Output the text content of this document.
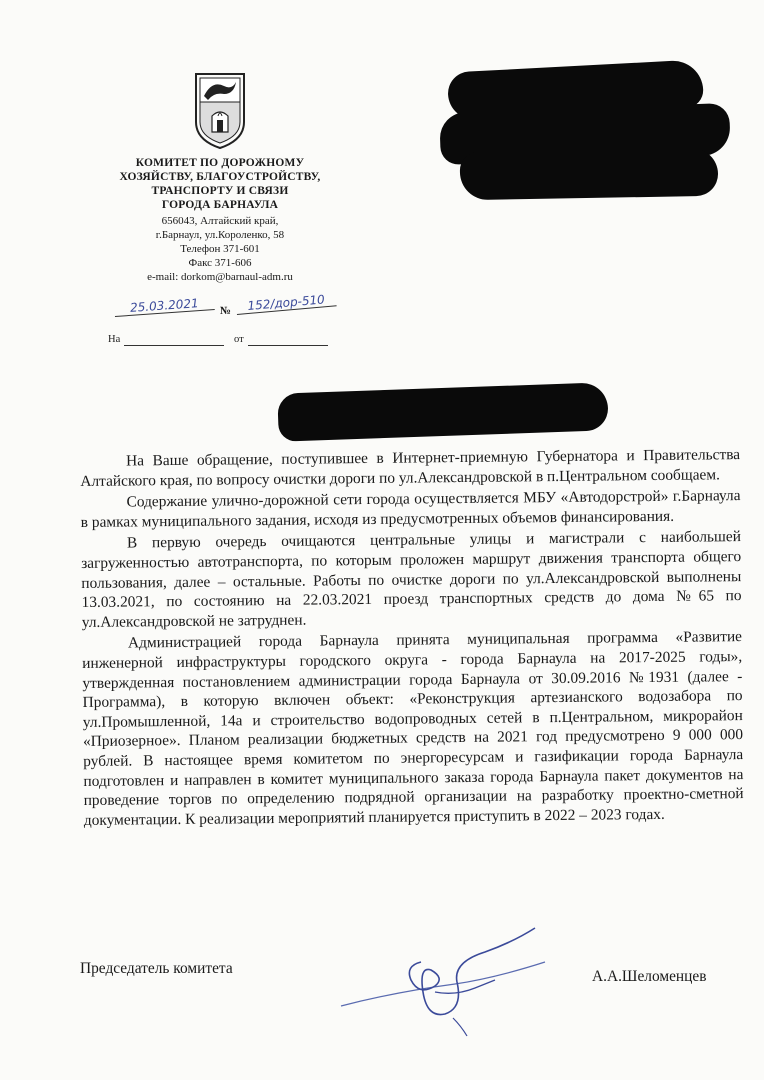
КОМИТЕТ ПО ДОРОЖНОМУ
ХОЗЯЙСТВУ, БЛАГОУСТРОЙСТВУ,
ТРАНСПОРТУ И СВЯЗИ
ГОРОДА БАРНАУЛА
656043, Алтайский край,
г.Барнаул, ул.Короленко, 58
Телефон 371-601
Факс 371-606
e-mail: dorkom@barnaul-adm.ru
25.03.2021	№	152/дор-510
На	от

На Ваше обращение, поступившее в Интернет-приемную Губернатора и Правительства Алтайского края, по вопросу очистки дороги по ул.Александровской в п.Центральном сообщаем.

Содержание улично-дорожной сети города осуществляется МБУ «Автодорстрой» г.Барнаула в рамках муниципального задания, исходя из предусмотренных объемов финансирования.

В первую очередь очищаются центральные улицы и магистрали с наибольшей загруженностью автотранспорта, по которым проложен маршрут движения транспорта общего пользования, далее – остальные. Работы по очистке дороги по ул.Александровской выполнены 13.03.2021, по состоянию на 22.03.2021 проезд транспортных средств до дома №65 по ул.Александровской не затруднен.

Администрацией города Барнаула принята муниципальная программа «Развитие инженерной инфраструктуры городского округа - города Барнаула на 2017-2025 годы», утвержденная постановлением администрации города Барнаула от 30.09.2016 №1931 (далее - Программа), в которую включен объект: «Реконструкция артезианского водозабора по ул.Промышленной, 14а и строительство водопроводных сетей в п.Центральном, микрорайон «Приозерное». Планом реализации бюджетных средств на 2021 год предусмотрено 9 000 000 рублей. В настоящее время комитетом по энергоресурсам и газификации города Барнаула подготовлен и направлен в комитет муниципального заказа города Барнаула пакет документов на проведение торгов по определению подрядной организации на разработку проектно-сметной документации. К реализации мероприятий планируется приступить в 2022 – 2023 годах.

Председатель комитета	А.А.Шеломенцев
